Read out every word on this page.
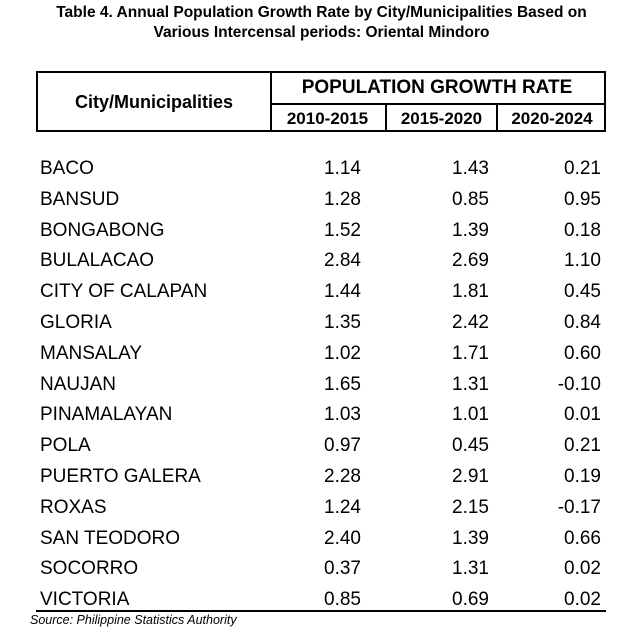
Table 4. Annual Population Growth Rate by City/Municipalities Based on
Various Intercensal periods: Oriental Mindoro
City/Municipalities
POPULATION GROWTH RATE
2010-2015	2015-2020	2020-2024
BACO	1.14	1.43	0.21
BANSUD	1.28	0.85	0.95
BONGABONG	1.52	1.39	0.18
BULALACAO	2.84	2.69	1.10
CITY OF CALAPAN	1.44	1.81	0.45
GLORIA	1.35	2.42	0.84
MANSALAY	1.02	1.71	0.60
NAUJAN	1.65	1.31	-0.10
PINAMALAYAN	1.03	1.01	0.01
POLA	0.97	0.45	0.21
PUERTO GALERA	2.28	2.91	0.19
ROXAS	1.24	2.15	-0.17
SAN TEODORO	2.40	1.39	0.66
SOCORRO	0.37	1.31	0.02
VICTORIA	0.85	0.69	0.02
Source: Philippine Statistics Authority
